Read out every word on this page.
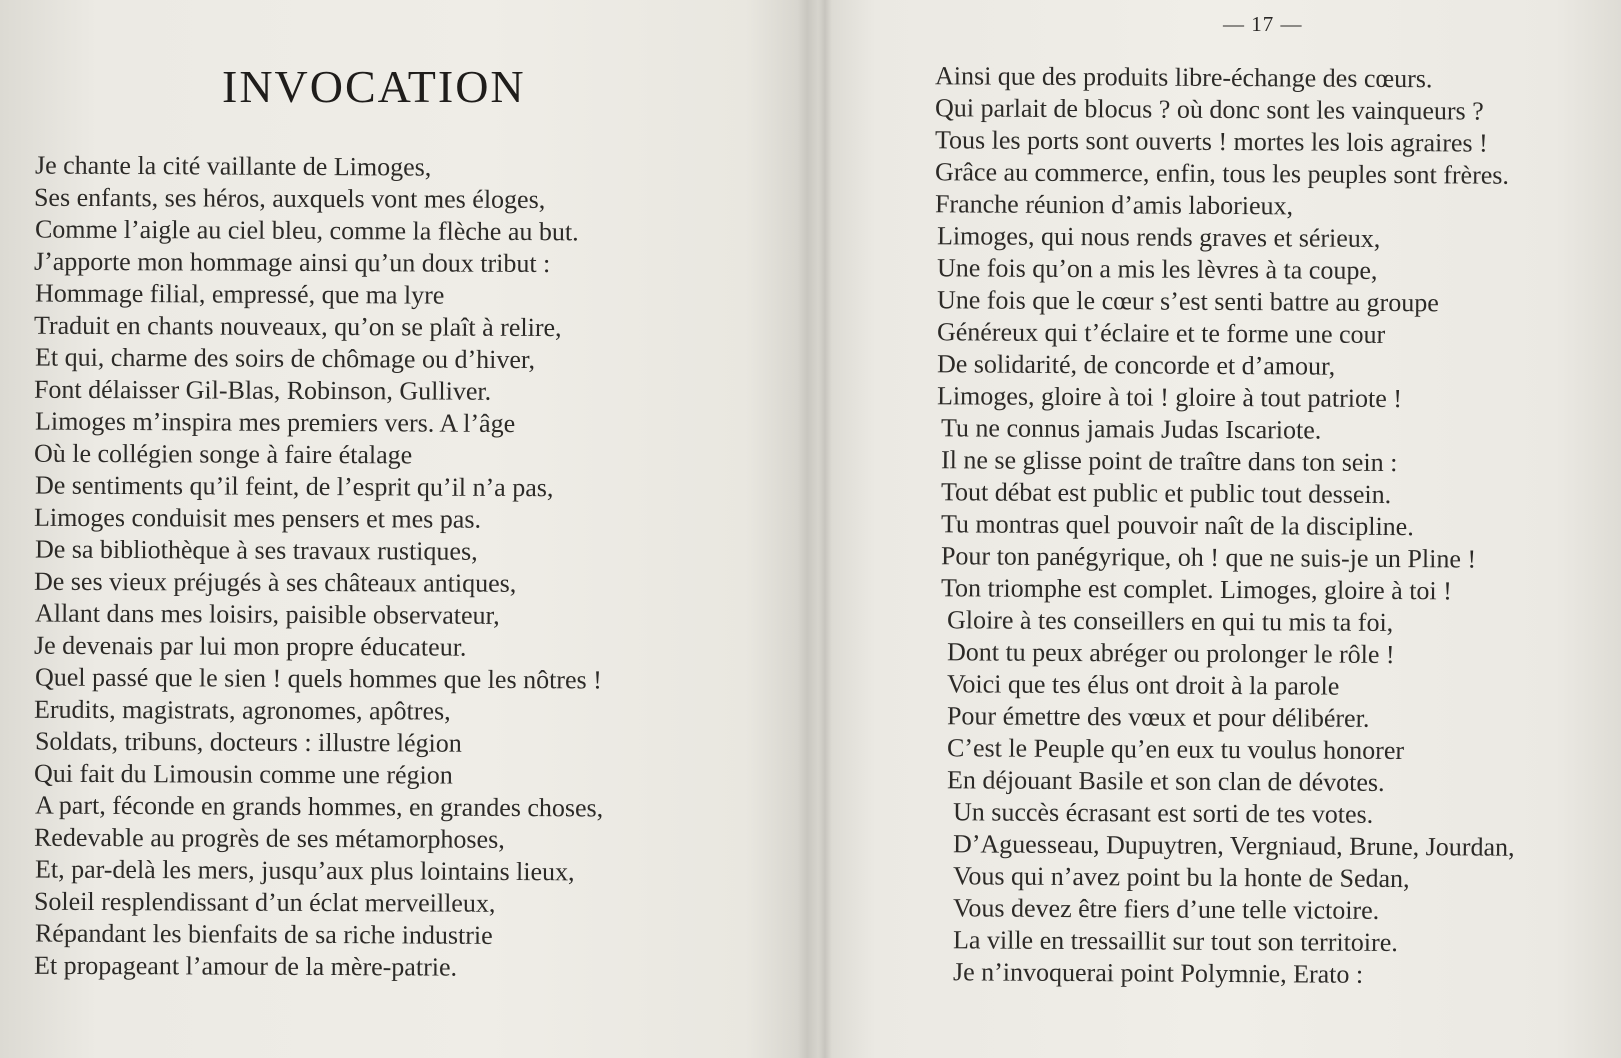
INVOCATION
Je chante la cité vaillante de Limoges,
Ses enfants, ses héros, auxquels vont mes éloges,
Comme l’aigle au ciel bleu, comme la flèche au but.
J’apporte mon hommage ainsi qu’un doux tribut :
Hommage filial, empressé, que ma lyre
Traduit en chants nouveaux, qu’on se plaît à relire,
Et qui, charme des soirs de chômage ou d’hiver,
Font délaisser Gil-Blas, Robinson, Gulliver.
Limoges m’inspira mes premiers vers. A l’âge
Où le collégien songe à faire étalage
De sentiments qu’il feint, de l’esprit qu’il n’a pas,
Limoges conduisit mes pensers et mes pas.
De sa bibliothèque à ses travaux rustiques,
De ses vieux préjugés à ses châteaux antiques,
Allant dans mes loisirs, paisible observateur,
Je devenais par lui mon propre éducateur.
Quel passé que le sien ! quels hommes que les nôtres !
Erudits, magistrats, agronomes, apôtres,
Soldats, tribuns, docteurs : illustre légion
Qui fait du Limousin comme une région
A part, féconde en grands hommes, en grandes choses,
Redevable au progrès de ses métamorphoses,
Et, par-delà les mers, jusqu’aux plus lointains lieux,
Soleil resplendissant d’un éclat merveilleux,
Répandant les bienfaits de sa riche industrie
Et propageant l’amour de la mère-patrie.
— 17 —
Ainsi que des produits libre-échange des cœurs.
Qui parlait de blocus ? où donc sont les vainqueurs ?
Tous les ports sont ouverts ! mortes les lois agraires !
Grâce au commerce, enfin, tous les peuples sont frères.
Franche réunion d’amis laborieux,
Limoges, qui nous rends graves et sérieux,
Une fois qu’on a mis les lèvres à ta coupe,
Une fois que le cœur s’est senti battre au groupe
Généreux qui t’éclaire et te forme une cour
De solidarité, de concorde et d’amour,
Limoges, gloire à toi ! gloire à tout patriote !
Tu ne connus jamais Judas Iscariote.
Il ne se glisse point de traître dans ton sein :
Tout débat est public et public tout dessein.
Tu montras quel pouvoir naît de la discipline.
Pour ton panégyrique, oh ! que ne suis-je un Pline !
Ton triomphe est complet. Limoges, gloire à toi !
Gloire à tes conseillers en qui tu mis ta foi,
Dont tu peux abréger ou prolonger le rôle !
Voici que tes élus ont droit à la parole
Pour émettre des vœux et pour délibérer.
C’est le Peuple qu’en eux tu voulus honorer
En déjouant Basile et son clan de dévotes.
Un succès écrasant est sorti de tes votes.
D’Aguesseau, Dupuytren, Vergniaud, Brune, Jourdan,
Vous qui n’avez point bu la honte de Sedan,
Vous devez être fiers d’une telle victoire.
La ville en tressaillit sur tout son territoire.
Je n’invoquerai point Polymnie, Erato :
